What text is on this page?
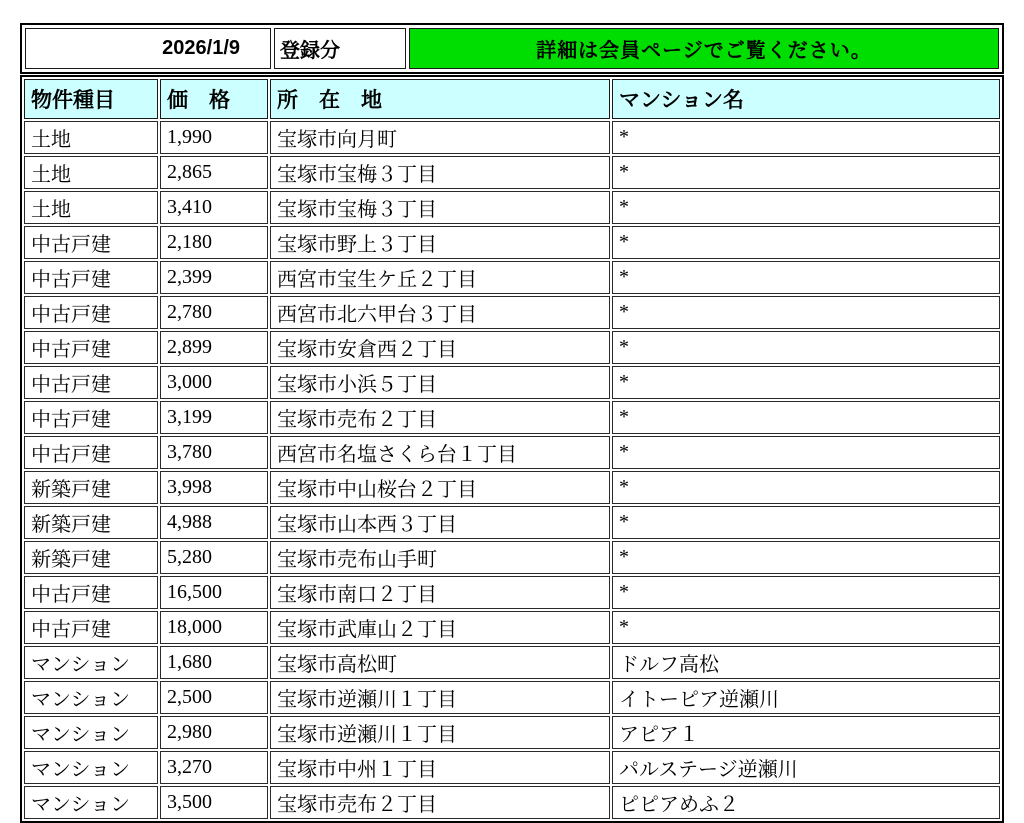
2026/1/9	登録分	詳細は会員ページでご覧ください。
物件種目	価　格	所　在　地	マンション名
土地	1,990	宝塚市向月町	*
土地	2,865	宝塚市宝梅３丁目	*
土地	3,410	宝塚市宝梅３丁目	*
中古戸建	2,180	宝塚市野上３丁目	*
中古戸建	2,399	西宮市宝生ケ丘２丁目	*
中古戸建	2,780	西宮市北六甲台３丁目	*
中古戸建	2,899	宝塚市安倉西２丁目	*
中古戸建	3,000	宝塚市小浜５丁目	*
中古戸建	3,199	宝塚市売布２丁目	*
中古戸建	3,780	西宮市名塩さくら台１丁目	*
新築戸建	3,998	宝塚市中山桜台２丁目	*
新築戸建	4,988	宝塚市山本西３丁目	*
新築戸建	5,280	宝塚市売布山手町	*
中古戸建	16,500	宝塚市南口２丁目	*
中古戸建	18,000	宝塚市武庫山２丁目	*
マンション	1,680	宝塚市高松町	ドルフ高松
マンション	2,500	宝塚市逆瀬川１丁目	イトーピア逆瀬川
マンション	2,980	宝塚市逆瀬川１丁目	アピア１
マンション	3,270	宝塚市中州１丁目	パルステージ逆瀬川
マンション	3,500	宝塚市売布２丁目	ピピアめふ２
